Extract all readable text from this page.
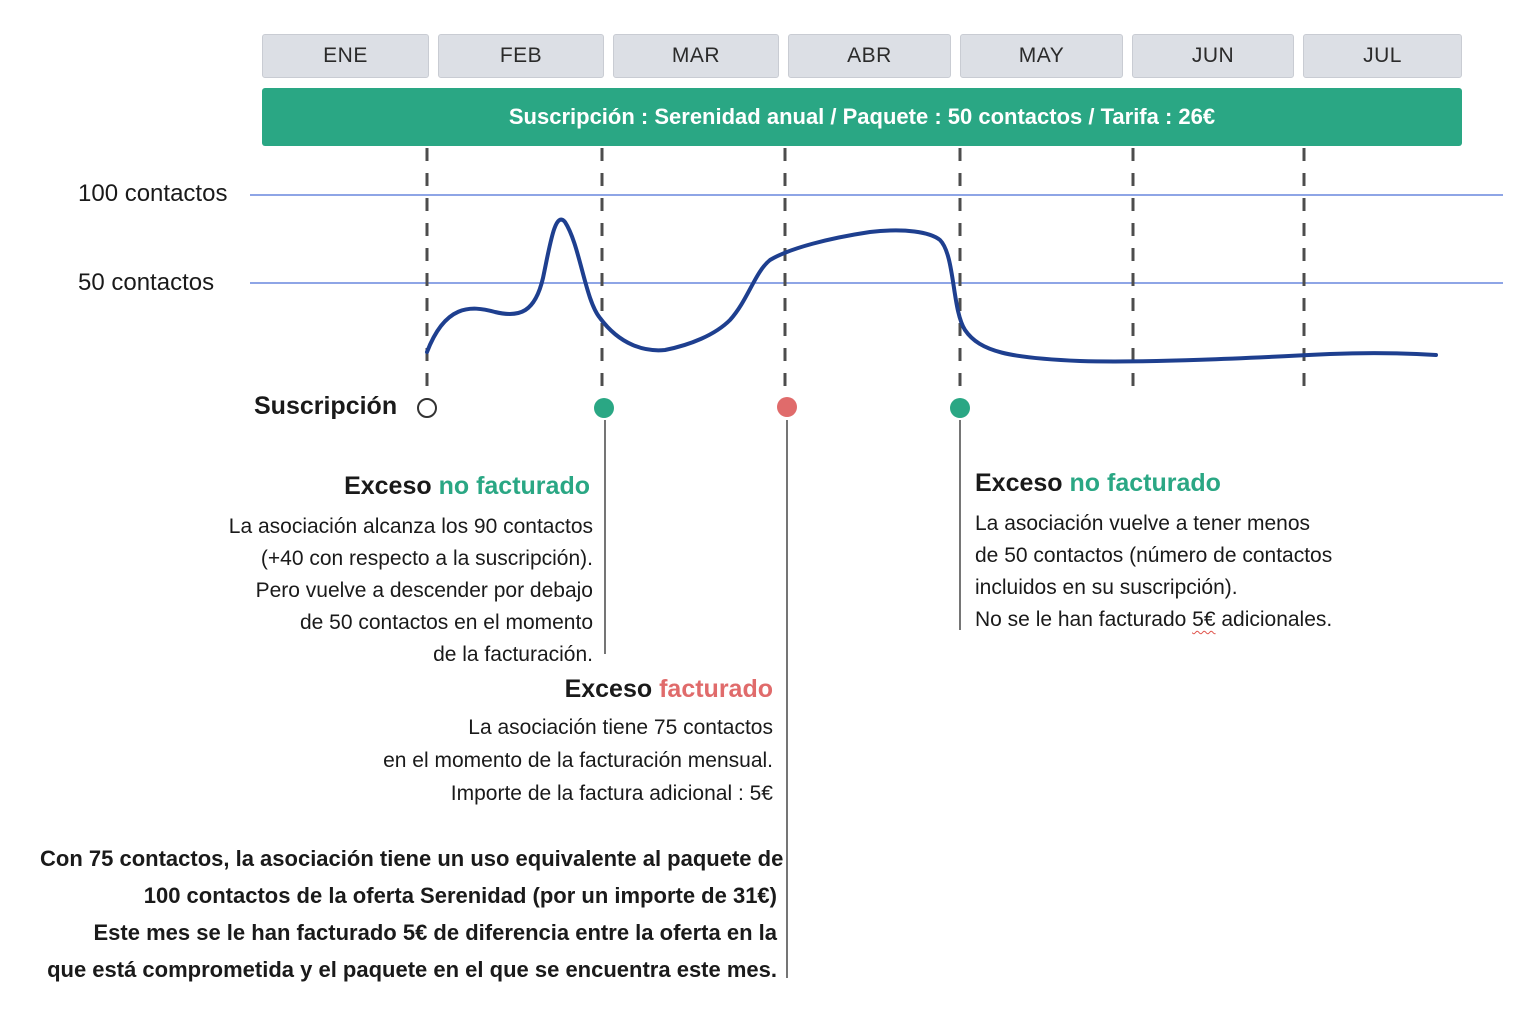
ENE	FEB	MAR	ABR	MAY	JUN	JUL
Suscripción : Serenidad anual / Paquete : 50 contactos / Tarifa : 26€
100 contactos
50 contactos
Suscripción
Exceso no facturado
La asociación alcanza los 90 contactos
(+40 con respecto a la suscripción).
Pero vuelve a descender por debajo
de 50 contactos en el momento
de la facturación.
Exceso facturado
La asociación tiene 75 contactos
en el momento de la facturación mensual.
Importe de la factura adicional : 5€
Exceso no facturado
La asociación vuelve a tener menos
de 50 contactos (número de contactos
incluidos en su suscripción).
No se le han facturado 5€ adicionales.
Con 75 contactos, la asociación tiene un uso equivalente al paquete de
100 contactos de la oferta Serenidad (por un importe de 31€)
Este mes se le han facturado 5€ de diferencia entre la oferta en la
que está comprometida y el paquete en el que se encuentra este mes.
